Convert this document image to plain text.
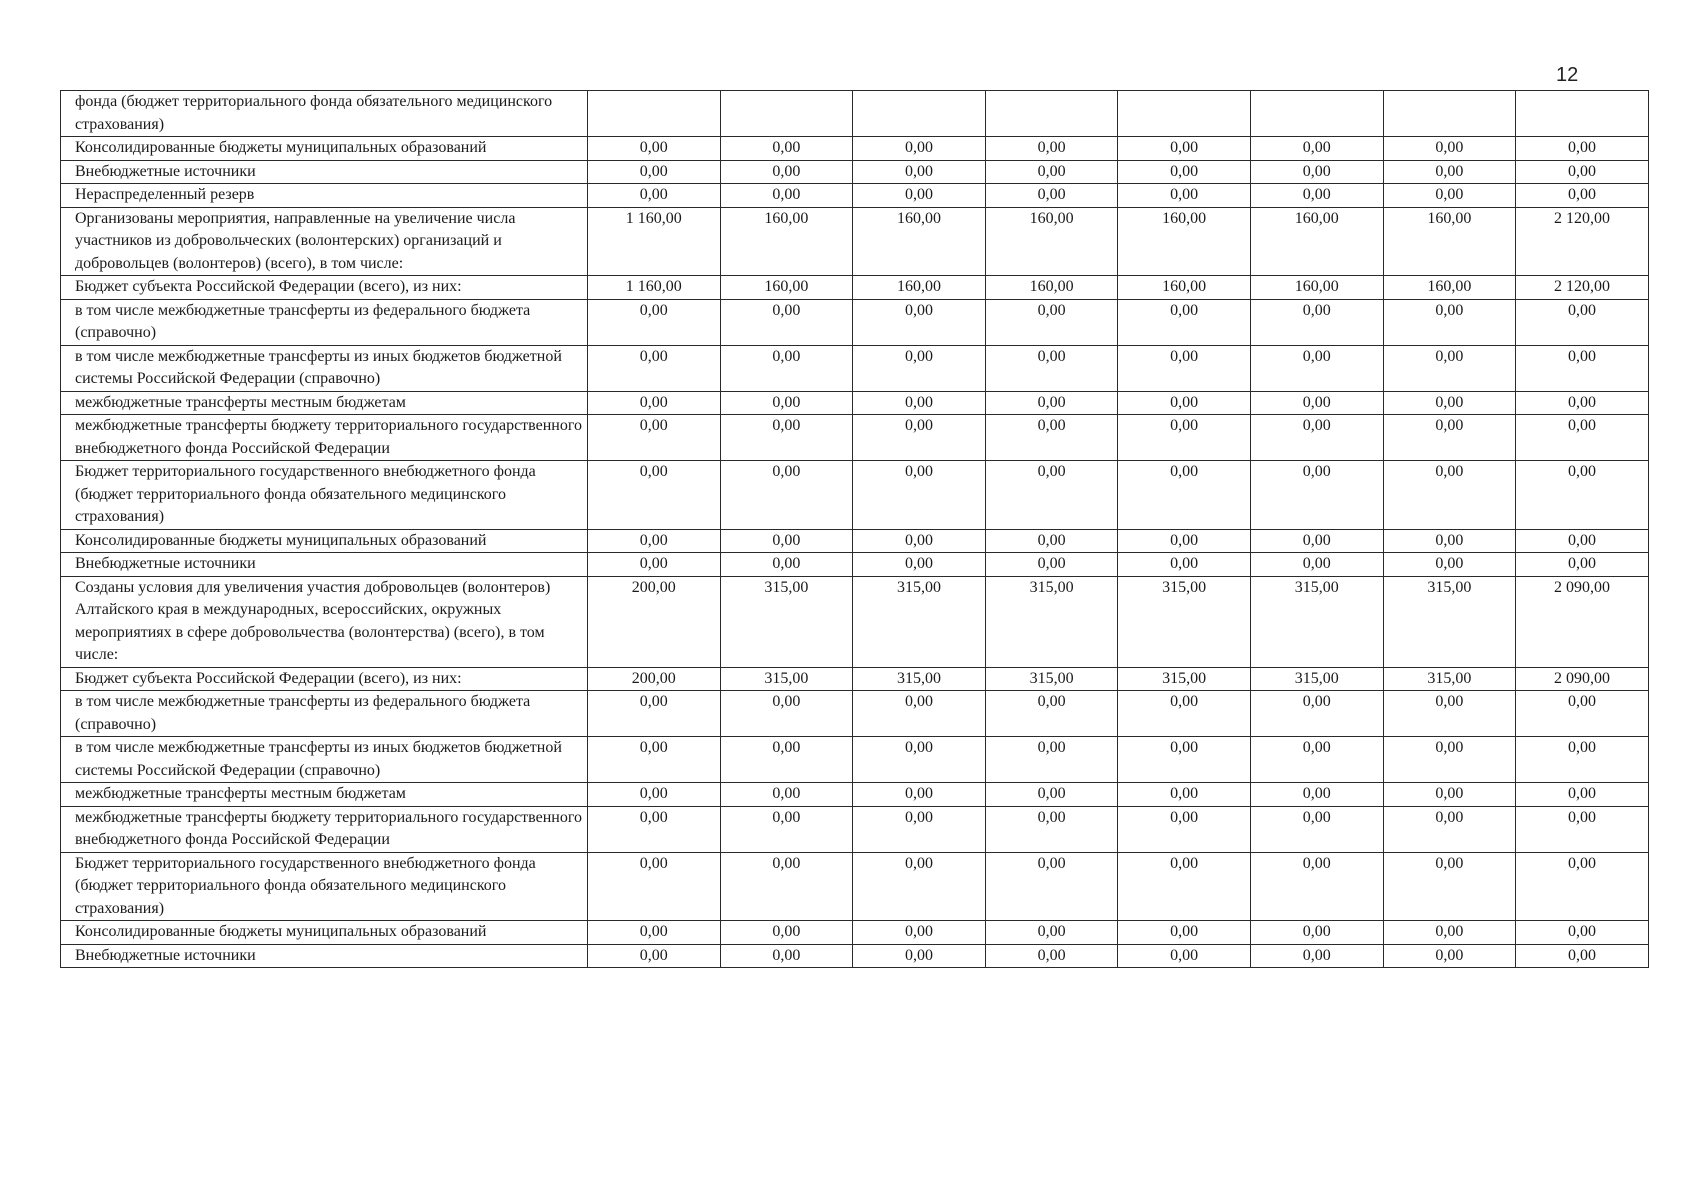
12
фонда (бюджет территориального фонда обязательного медицинского страхования)								
Консолидированные бюджеты муниципальных образований	0,00	0,00	0,00	0,00	0,00	0,00	0,00	0,00
Внебюджетные источники	0,00	0,00	0,00	0,00	0,00	0,00	0,00	0,00
Нераспределенный резерв	0,00	0,00	0,00	0,00	0,00	0,00	0,00	0,00
Организованы мероприятия, направленные на увеличение числа участников из добровольческих (волонтерских) организаций и добровольцев (волонтеров) (всего), в том числе:	1 160,00	160,00	160,00	160,00	160,00	160,00	160,00	2 120,00
Бюджет субъекта Российской Федерации (всего), из них:	1 160,00	160,00	160,00	160,00	160,00	160,00	160,00	2 120,00
в том числе межбюджетные трансферты из федерального бюджета (справочно)	0,00	0,00	0,00	0,00	0,00	0,00	0,00	0,00
в том числе межбюджетные трансферты из иных бюджетов бюджетной системы Российской Федерации (справочно)	0,00	0,00	0,00	0,00	0,00	0,00	0,00	0,00
межбюджетные трансферты местным бюджетам	0,00	0,00	0,00	0,00	0,00	0,00	0,00	0,00
межбюджетные трансферты бюджету территориального государственного внебюджетного фонда Российской Федерации	0,00	0,00	0,00	0,00	0,00	0,00	0,00	0,00
Бюджет территориального государственного внебюджетного фонда (бюджет территориального фонда обязательного медицинского страхования)	0,00	0,00	0,00	0,00	0,00	0,00	0,00	0,00
Консолидированные бюджеты муниципальных образований	0,00	0,00	0,00	0,00	0,00	0,00	0,00	0,00
Внебюджетные источники	0,00	0,00	0,00	0,00	0,00	0,00	0,00	0,00
Созданы условия для увеличения участия добровольцев (волонтеров) Алтайского края в международных, всероссийских, окружных мероприятиях в сфере добровольчества (волонтерства) (всего), в том числе:	200,00	315,00	315,00	315,00	315,00	315,00	315,00	2 090,00
Бюджет субъекта Российской Федерации (всего), из них:	200,00	315,00	315,00	315,00	315,00	315,00	315,00	2 090,00
в том числе межбюджетные трансферты из федерального бюджета (справочно)	0,00	0,00	0,00	0,00	0,00	0,00	0,00	0,00
в том числе межбюджетные трансферты из иных бюджетов бюджетной системы Российской Федерации (справочно)	0,00	0,00	0,00	0,00	0,00	0,00	0,00	0,00
межбюджетные трансферты местным бюджетам	0,00	0,00	0,00	0,00	0,00	0,00	0,00	0,00
межбюджетные трансферты бюджету территориального государственного внебюджетного фонда Российской Федерации	0,00	0,00	0,00	0,00	0,00	0,00	0,00	0,00
Бюджет территориального государственного внебюджетного фонда (бюджет территориального фонда обязательного медицинского страхования)	0,00	0,00	0,00	0,00	0,00	0,00	0,00	0,00
Консолидированные бюджеты муниципальных образований	0,00	0,00	0,00	0,00	0,00	0,00	0,00	0,00
Внебюджетные источники	0,00	0,00	0,00	0,00	0,00	0,00	0,00	0,00
